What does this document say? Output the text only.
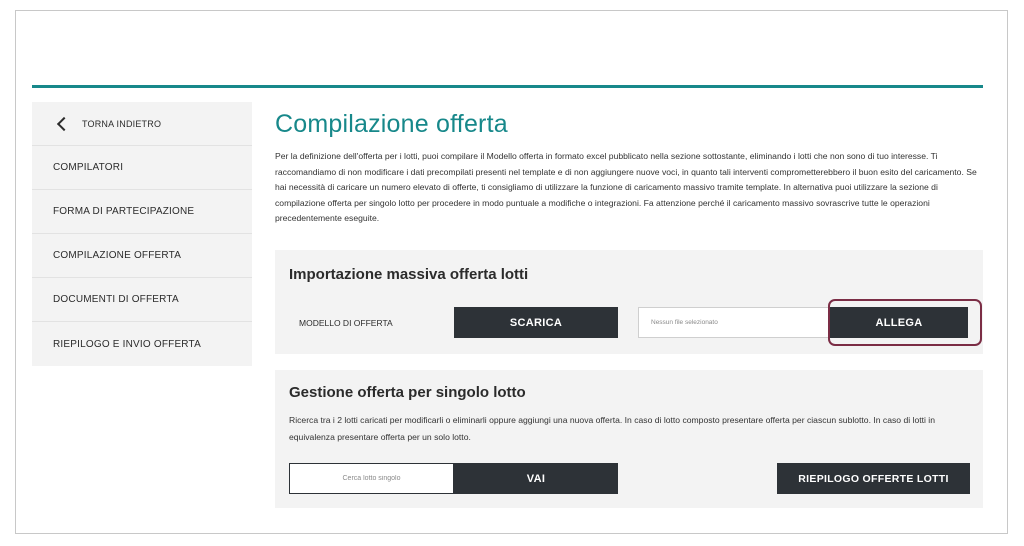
TORNA INDIETRO
COMPILATORI
FORMA DI PARTECIPAZIONE
COMPILAZIONE OFFERTA
DOCUMENTI DI OFFERTA
RIEPILOGO E INVIO OFFERTA
Compilazione offerta

Per la definizione dell'offerta per i lotti, puoi compilare il Modello offerta in formato excel pubblicato nella sezione sottostante, eliminando i lotti che non sono di tuo interesse. Ti raccomandiamo di non modificare i dati precompilati presenti nel template e di non aggiungere nuove voci, in quanto tali interventi comprometterebbero il buon esito del caricamento. Se hai necessità di caricare un numero elevato di offerte, ti consigliamo di utilizzare la funzione di caricamento massivo tramite template. In alternativa puoi utilizzare la sezione di compilazione offerta per singolo lotto per procedere in modo puntuale a modifiche o integrazioni. Fa attenzione perché il caricamento massivo sovrascrive tutte le operazioni precedentemente eseguite.

Importazione massiva offerta lotti
MODELLO DI OFFERTA	SCARICA	Nessun file selezionato	ALLEGA
Gestione offerta per singolo lotto

Ricerca tra i 2 lotti caricati per modificarli o eliminarli oppure aggiungi una nuova offerta. In caso di lotto composto presentare offerta per ciascun sublotto. In caso di lotti in equivalenza presentare offerta per un solo lotto.

Cerca lotto singolo
VAI	RIEPILOGO OFFERTE LOTTI
